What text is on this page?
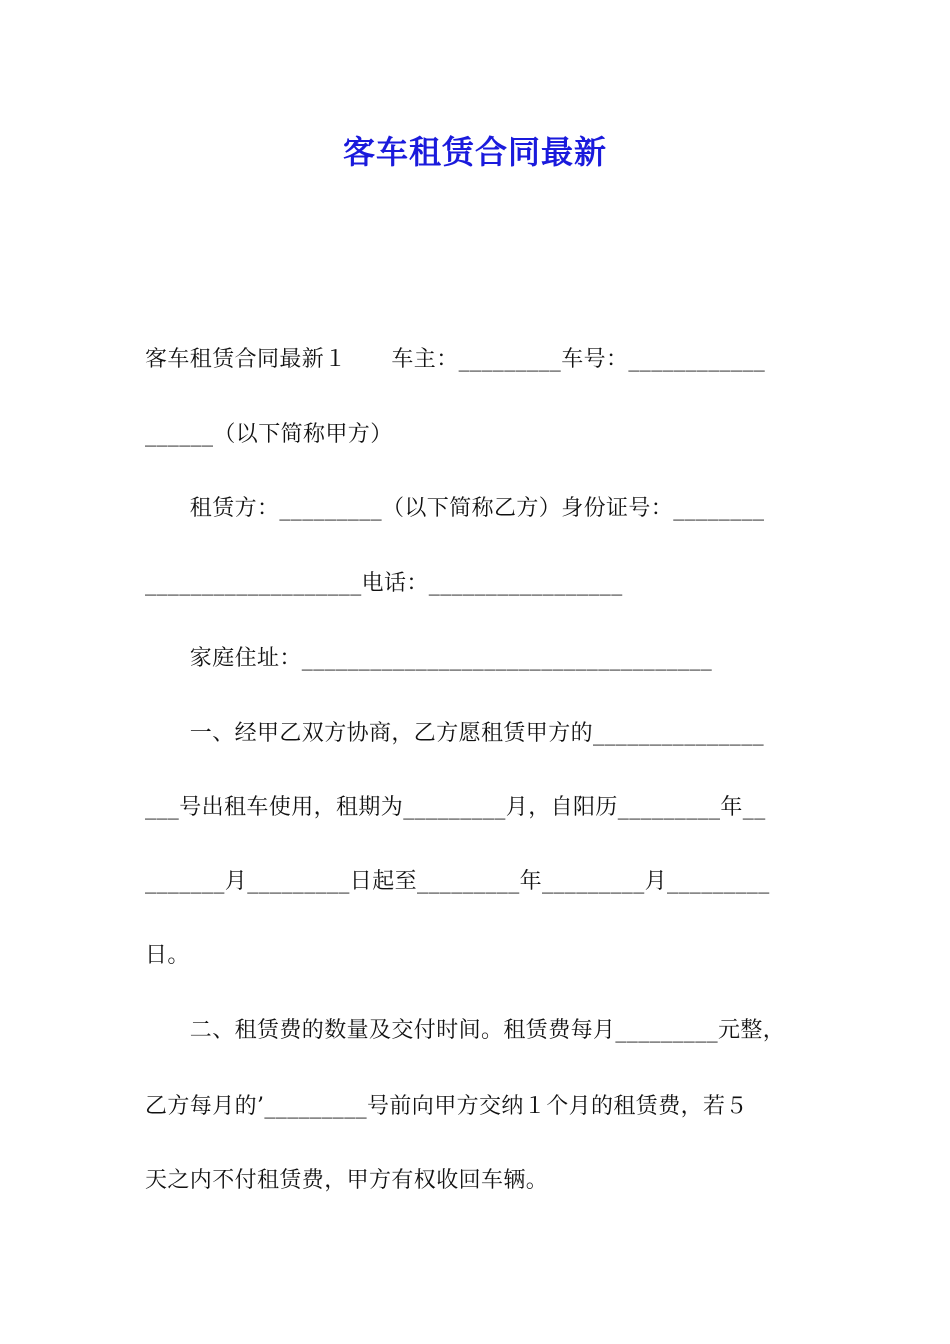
客车租赁合同最新
客车租赁合同最新１　　车主：_________车号：____________
______（以下简称甲方）
　　租赁方：_________（以下简称乙方）身份证号：________
___________________电话：_________________
　　家庭住址：____________________________________
　　一、经甲乙双方协商，乙方愿租赁甲方的_______________
___号出租车使用，租期为_________月，自阳历_________年__
_______月_________日起至_________年_________月_________
日。
　　二、租赁费的数量及交付时间。租赁费每月_________元整，
乙方每月的’_________号前向甲方交纳１个月的租赁费，若５
天之内不付租赁费，甲方有权收回车辆。
